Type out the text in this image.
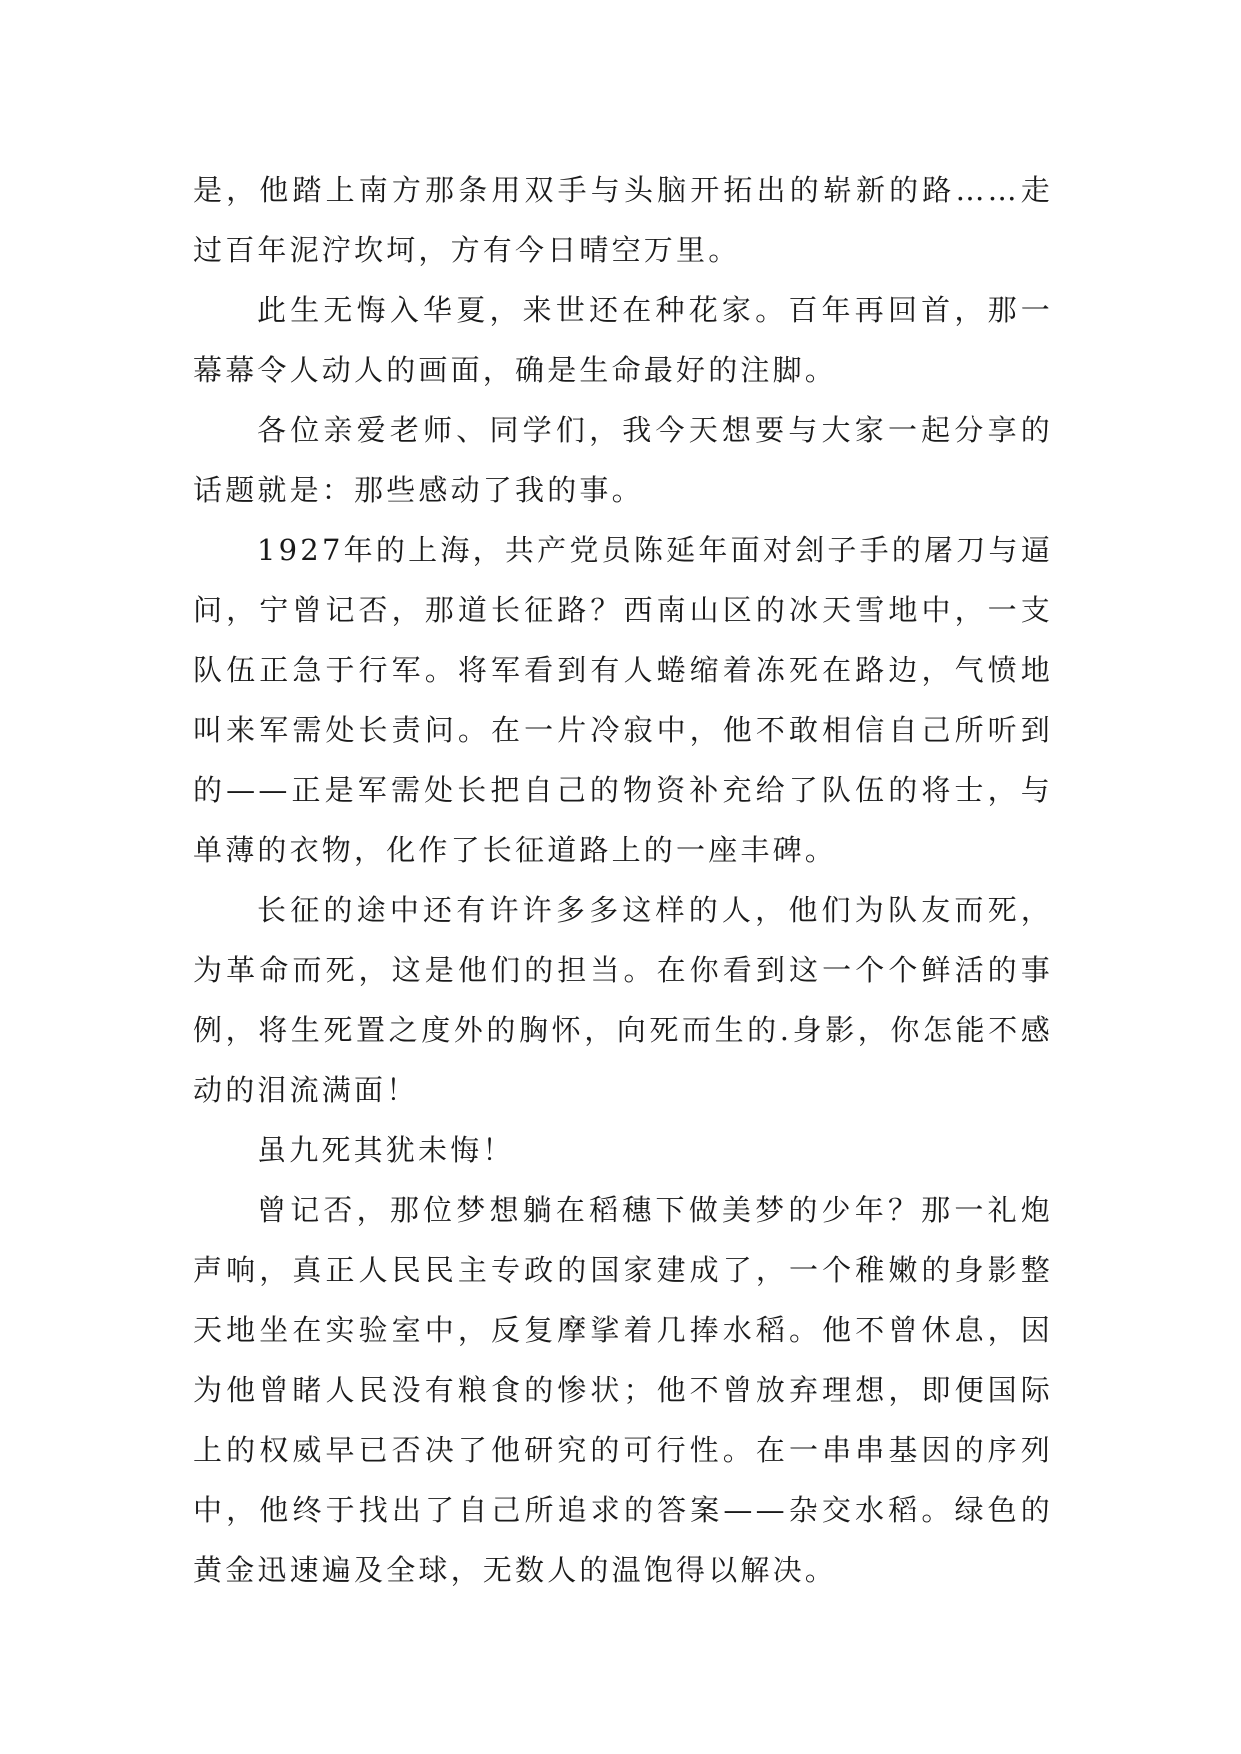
是，他踏上南方那条用双手与头脑开拓出的崭新的路……走过百年泥泞坎坷，方有今日晴空万里。

此生无悔入华夏，来世还在种花家。百年再回首，那一幕幕令人动人的画面，确是生命最好的注脚。

各位亲爱老师、同学们，我今天想要与大家一起分享的话题就是：那些感动了我的事。

1927年的上海，共产党员陈延年面对刽子手的屠刀与逼问，宁曾记否，那道长征路？西南山区的冰天雪地中，一支队伍正急于行军。将军看到有人蜷缩着冻死在路边，气愤地叫来军需处长责问。在一片冷寂中，他不敢相信自己所听到的——正是军需处长把自己的物资补充给了队伍的将士，与单薄的衣物，化作了长征道路上的一座丰碑。

长征的途中还有许许多多这样的人，他们为队友而死，为革命而死，这是他们的担当。在你看到这一个个鲜活的事例，将生死置之度外的胸怀，向死而生的.身影，你怎能不感动的泪流满面！

虽九死其犹未悔！

曾记否，那位梦想躺在稻穗下做美梦的少年？那一礼炮声响，真正人民民主专政的国家建成了，一个稚嫩的身影整天地坐在实验室中，反复摩挲着几捧水稻。他不曾休息，因为他曾睹人民没有粮食的惨状；他不曾放弃理想，即便国际上的权威早已否决了他研究的可行性。在一串串基因的序列中，他终于找出了自己所追求的答案——杂交水稻。绿色的黄金迅速遍及全球，无数人的温饱得以解决。
